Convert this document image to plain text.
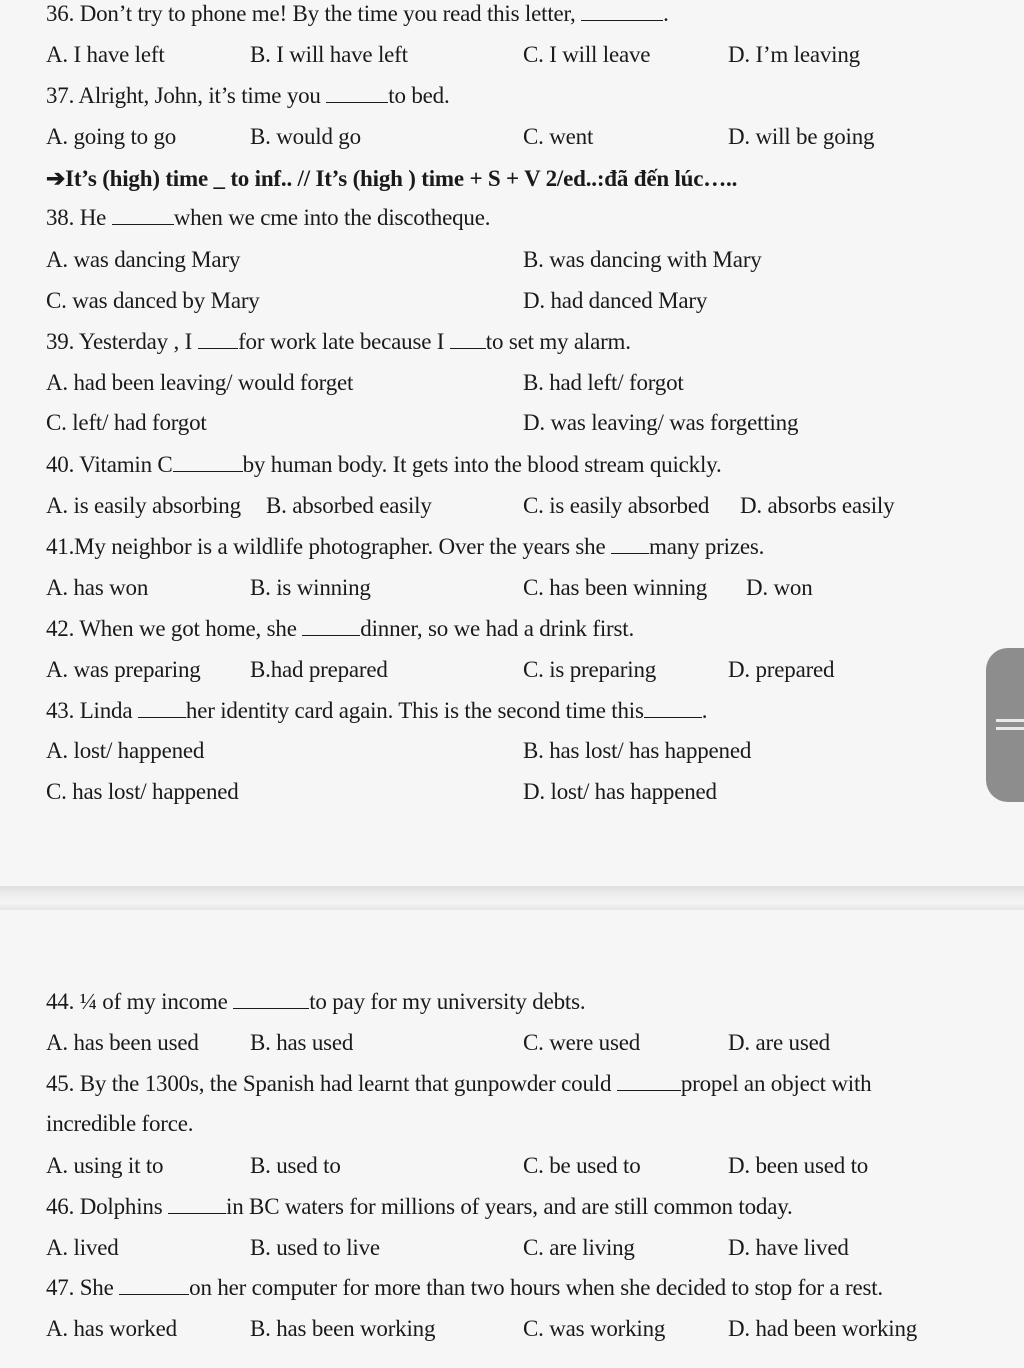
36. Don’t try to phone me! By the time you read this letter,	.
A. I have left	B. I will have left	C. I will leave	D. I’m leaving
37. Alright, John, it’s time you	to bed.
A. going to go	B. would go	C. went	D. will be going
➔It’s (high) time _ to inf.. // It’s (high ) time + S + V 2/ed..:đã đến lúc…..
38. He	when we cme into the discotheque.
A. was dancing Mary	B. was dancing with Mary
C. was danced by Mary	D. had danced Mary
39. Yesterday , I for work late because I to set my alarm.
A. had been leaving/ would forget	B. had left/ forgot
C. left/ had forgot	D. was leaving/ was forgetting
40. Vitamin C	by human body. It gets into the blood stream quickly.
A. is easily absorbing B. absorbed easily	C. is easily absorbed D. absorbs easily
41.My neighbor is a wildlife photographer. Over the years she many prizes.
A. has won	B. is winning	C. has been winning D. won
42. When we got home, she	dinner, so we had a drink first.
A. was preparing B.had prepared	C. is preparing	D. prepared
43. Linda her identity card again. This is the second time this	.
A. lost/ happened	B. has lost/ has happened
C. has lost/ happened	D. lost/ has happened
44. ¼ of my income	to pay for my university debts.
A. has been used B. has used	C. were used	D. are used
45. By the 1300s, the Spanish had learnt that gunpowder could	propel an object with
incredible force.
A. using it to	B. used to	C. be used to	D. been used to
46. Dolphins	in BC waters for millions of years, and are still common today.
A. lived	B. used to live	C. are living	D. have lived
47. She	on her computer for more than two hours when she decided to stop for a rest.
A. has worked	B. has been working	C. was working	D. had been working
